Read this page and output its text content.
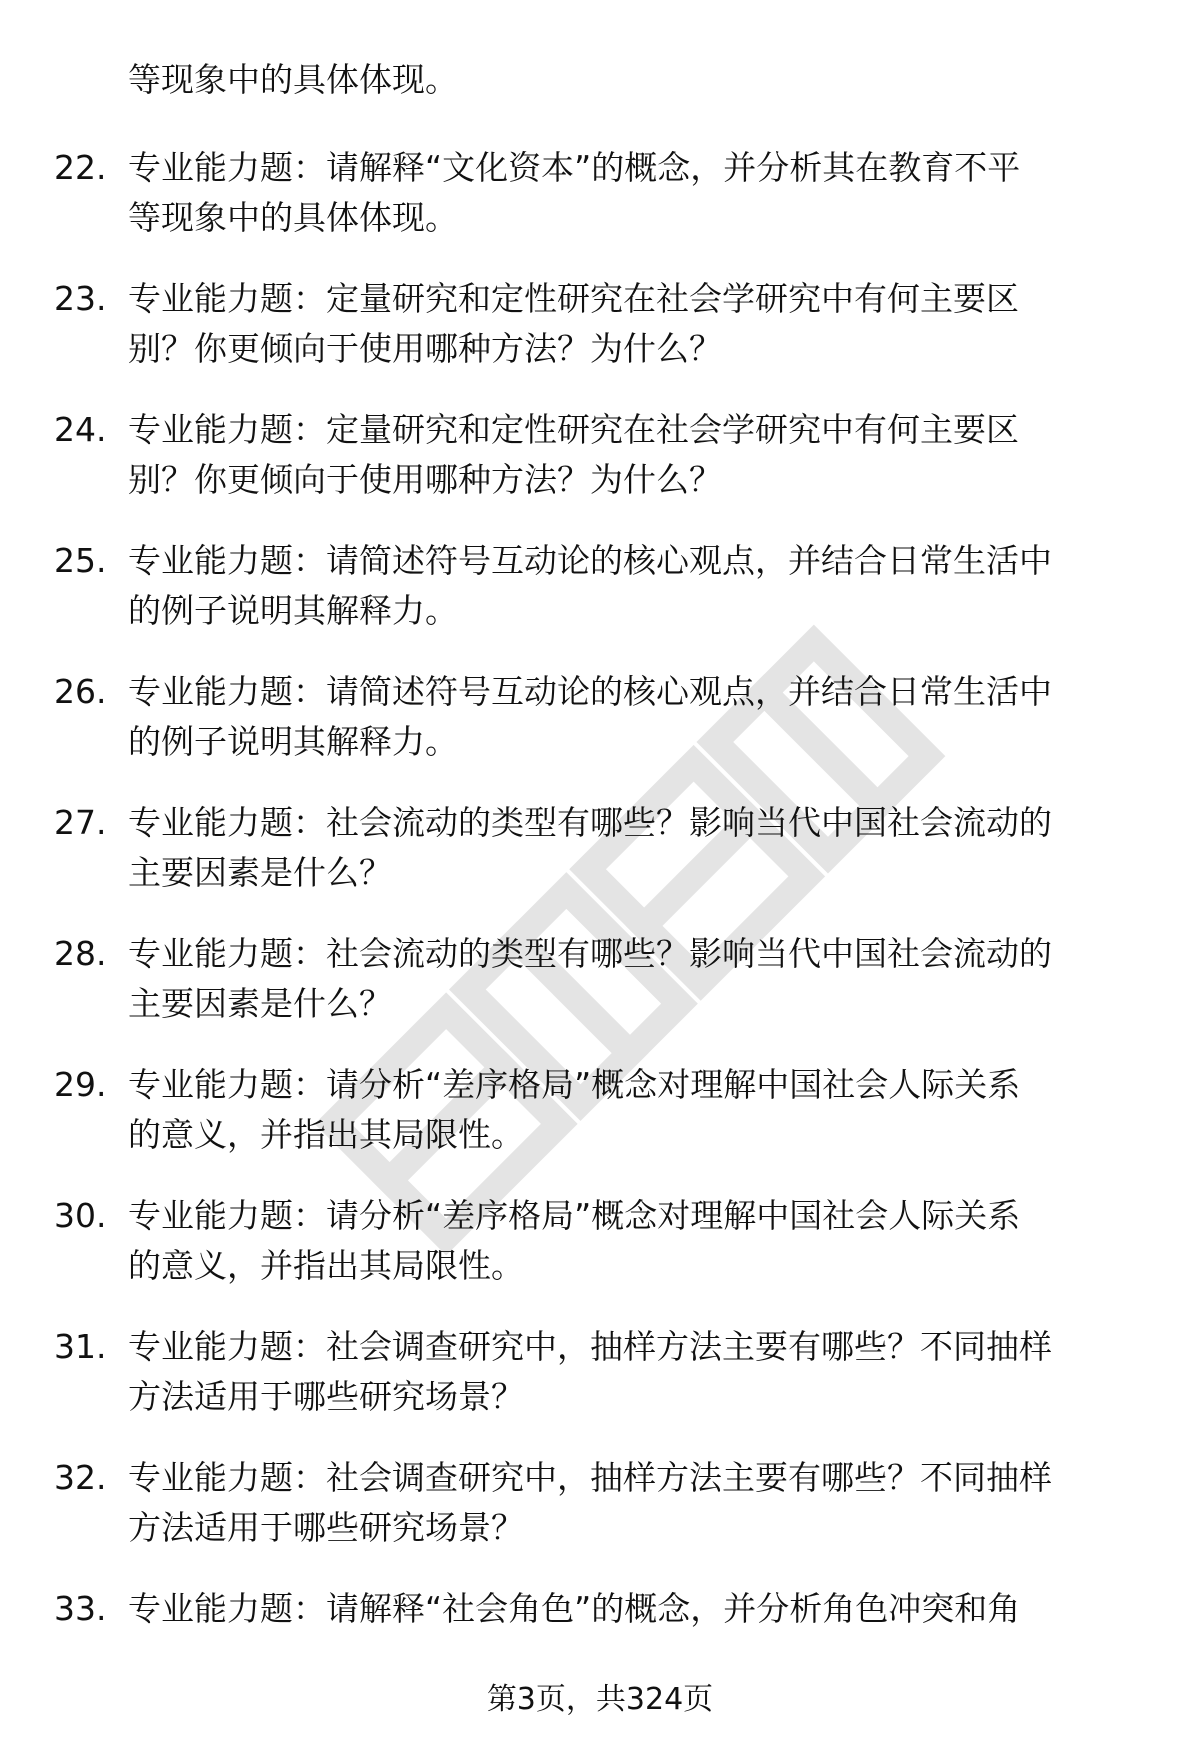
等现象中的具体体现。
22. 专业能力题：请解释“文化资本”的概念，并分析其在教育不平
等现象中的具体体现。
23. 专业能力题：定量研究和定性研究在社会学研究中有何主要区
别？你更倾向于使用哪种方法？为什么？
24. 专业能力题：定量研究和定性研究在社会学研究中有何主要区
别？你更倾向于使用哪种方法？为什么？
25. 专业能力题：请简述符号互动论的核心观点，并结合日常生活中
的例子说明其解释力。
26. 专业能力题：请简述符号互动论的核心观点，并结合日常生活中
的例子说明其解释力。
27. 专业能力题：社会流动的类型有哪些？影响当代中国社会流动的
主要因素是什么？
28. 专业能力题：社会流动的类型有哪些？影响当代中国社会流动的
主要因素是什么？
29. 专业能力题：请分析“差序格局”概念对理解中国社会人际关系
的意义，并指出其局限性。
30. 专业能力题：请分析“差序格局”概念对理解中国社会人际关系
的意义，并指出其局限性。
31. 专业能力题：社会调查研究中，抽样方法主要有哪些？不同抽样
方法适用于哪些研究场景？
32. 专业能力题：社会调查研究中，抽样方法主要有哪些？不同抽样
方法适用于哪些研究场景？
33. 专业能力题：请解释“社会角色”的概念，并分析角色冲突和角
第3页，共324页
